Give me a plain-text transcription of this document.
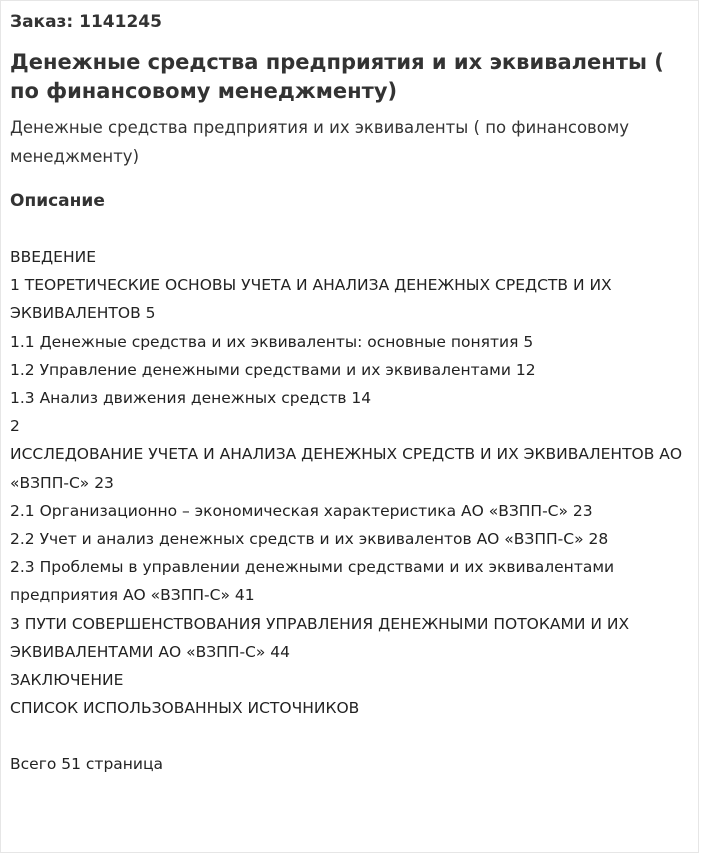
Заказ: 1141245

Денежные средства предприятия и их эквиваленты ( по финансовому менеджменту)

Денежные средства предприятия и их эквиваленты ( по финансовому менеджменту)

Описание
ВВЕДЕНИЕ
1 ТЕОРЕТИЧЕСКИЕ ОСНОВЫ УЧЕТА И АНАЛИЗА ДЕНЕЖНЫХ СРЕДСТВ И ИХ ЭКВИВАЛЕНТОВ 5
1.1 Денежные средства и их эквиваленты: основные понятия 5
1.2 Управление денежными средствами и их эквивалентами 12
1.3 Анализ движения денежных средств 14
2
ИССЛЕДОВАНИЕ УЧЕТА И АНАЛИЗА ДЕНЕЖНЫХ СРЕДСТВ И ИХ ЭКВИВАЛЕНТОВ АО «ВЗПП-С» 23
2.1 Организационно – экономическая характеристика АО «ВЗПП-С» 23
2.2 Учет и анализ денежных средств и их эквивалентов АО «ВЗПП-С» 28
2.3 Проблемы в управлении денежными средствами и их эквивалентами предприятия АО «ВЗПП-С» 41
3 ПУТИ СОВЕРШЕНСТВОВАНИЯ УПРАВЛЕНИЯ ДЕНЕЖНЫМИ ПОТОКАМИ И ИХ ЭКВИВАЛЕНТАМИ АО «ВЗПП-С» 44
ЗАКЛЮЧЕНИЕ
СПИСОК ИСПОЛЬЗОВАННЫХ ИСТОЧНИКОВ

Всего 51 страница
